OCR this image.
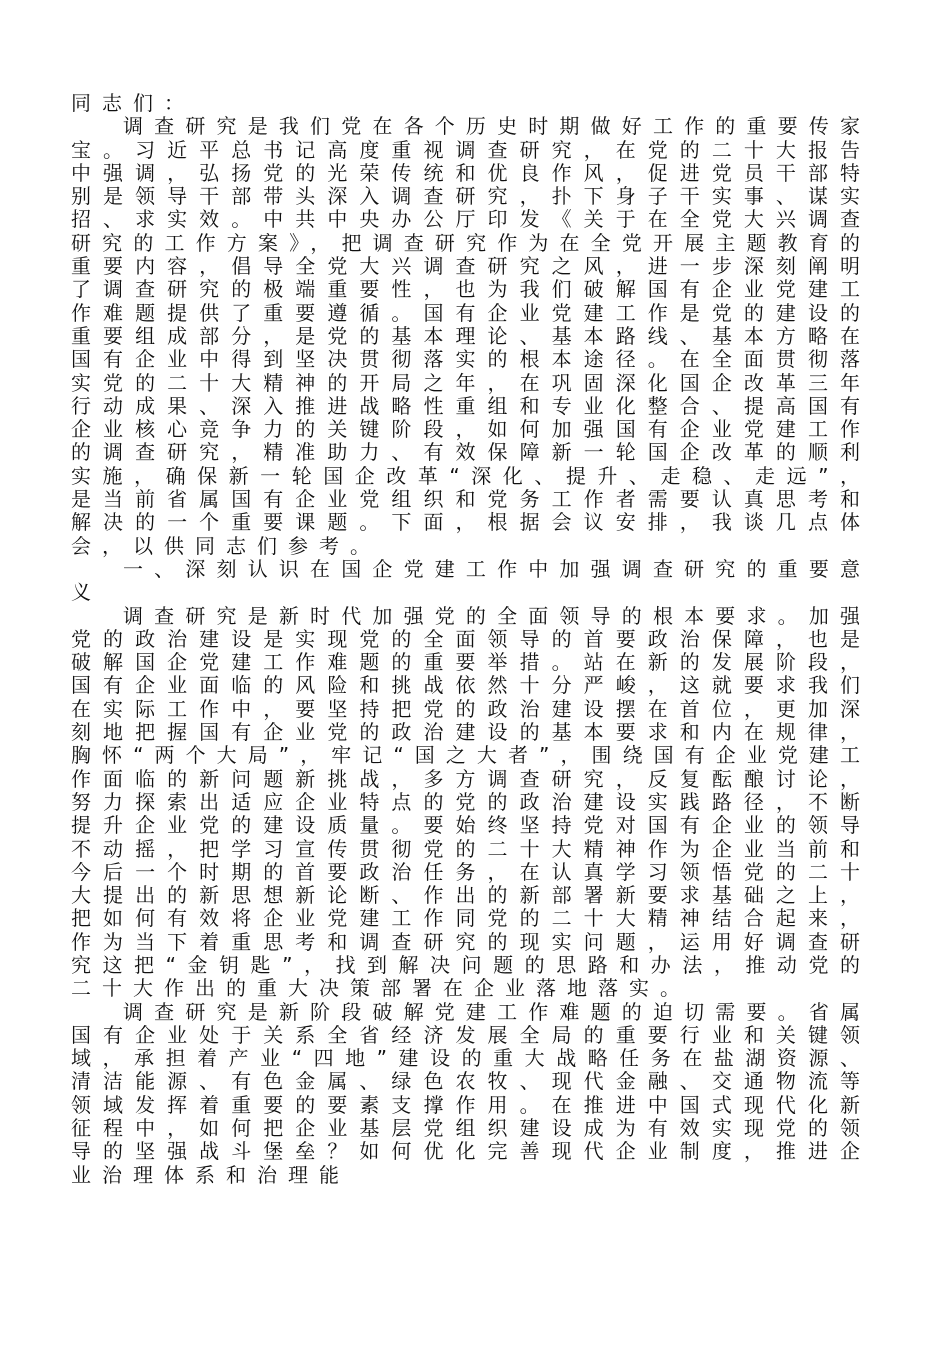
同志们：

调查研究是我们党在各个历史时期做好工作的重要传家宝。习近平总书记高度重视调查研究，在党的二十大报告中强调，弘扬党的光荣传统和优良作风，促进党员干部特别是领导干部带头深入调查研究，扑下身子干实事、谋实招、求实效。中共中央办公厅印发《关于在全党大兴调查研究的工作方案》，把调查研究作为在全党开展主题教育的重要内容，倡导全党大兴调查研究之风，进一步深刻阐明了调查研究的极端重要性，也为我们破解国有企业党建工作难题提供了重要遵循。国有企业党建工作是党的建设的重要组成部分，是党的基本理论、基本路线、基本方略在国有企业中得到坚决贯彻落实的根本途径。在全面贯彻落实党的二十大精神的开局之年，在巩固深化国企改革三年行动成果、深入推进战略性重组和专业化整合、提高国有企业核心竞争力的关键阶段，如何加强国有企业党建工作的调查研究，精准助力、有效保障新一轮国企改革的顺利实施，确保新一轮国企改革“深化、提升、走稳、走远”，是当前省属国有企业党组织和党务工作者需要认真思考和解决的一个重要课题。下面，根据会议安排，我谈几点体会，以供同志们参考。

一、深刻认识在国企党建工作中加强调查研究的重要意义

调查研究是新时代加强党的全面领导的根本要求。加强党的政治建设是实现党的全面领导的首要政治保障，也是破解国企党建工作难题的重要举措。站在新的发展阶段，国有企业面临的风险和挑战依然十分严峻，这就要求我们在实际工作中，要坚持把党的政治建设摆在首位，更加深刻地把握国有企业党的政治建设的基本要求和内在规律，胸怀“两个大局”，牢记“国之大者”，围绕国有企业党建工作面临的新问题新挑战，多方调查研究，反复酝酿讨论，努力探索出适应企业特点的党的政治建设实践路径，不断提升企业党的建设质量。要始终坚持党对国有企业的领导不动摇，把学习宣传贯彻党的二十大精神作为企业当前和今后一个时期的首要政治任务，在认真学习领悟党的二十大提出的新思想新论断、作出的新部署新要求基础之上，把如何有效将企业党建工作同党的二十大精神结合起来，作为当下着重思考和调查研究的现实问题，运用好调查研究这把“金钥匙”，找到解决问题的思路和办法，推动党的二十大作出的重大决策部署在企业落地落实。

调查研究是新阶段破解党建工作难题的迫切需要。省属国有企业处于关系全省经济发展全局的重要行业和关键领域，承担着产业“四地”建设的重大战略任务在盐湖资源、清洁能源、有色金属、绿色农牧、现代金融、交通物流等领域发挥着重要的要素支撑作用。在推进中国式现代化新征程中，如何把企业基层党组织建设成为有效实现党的领导的坚强战斗堡垒？如何优化完善现代企业制度，推进企业治理体系和治理能
